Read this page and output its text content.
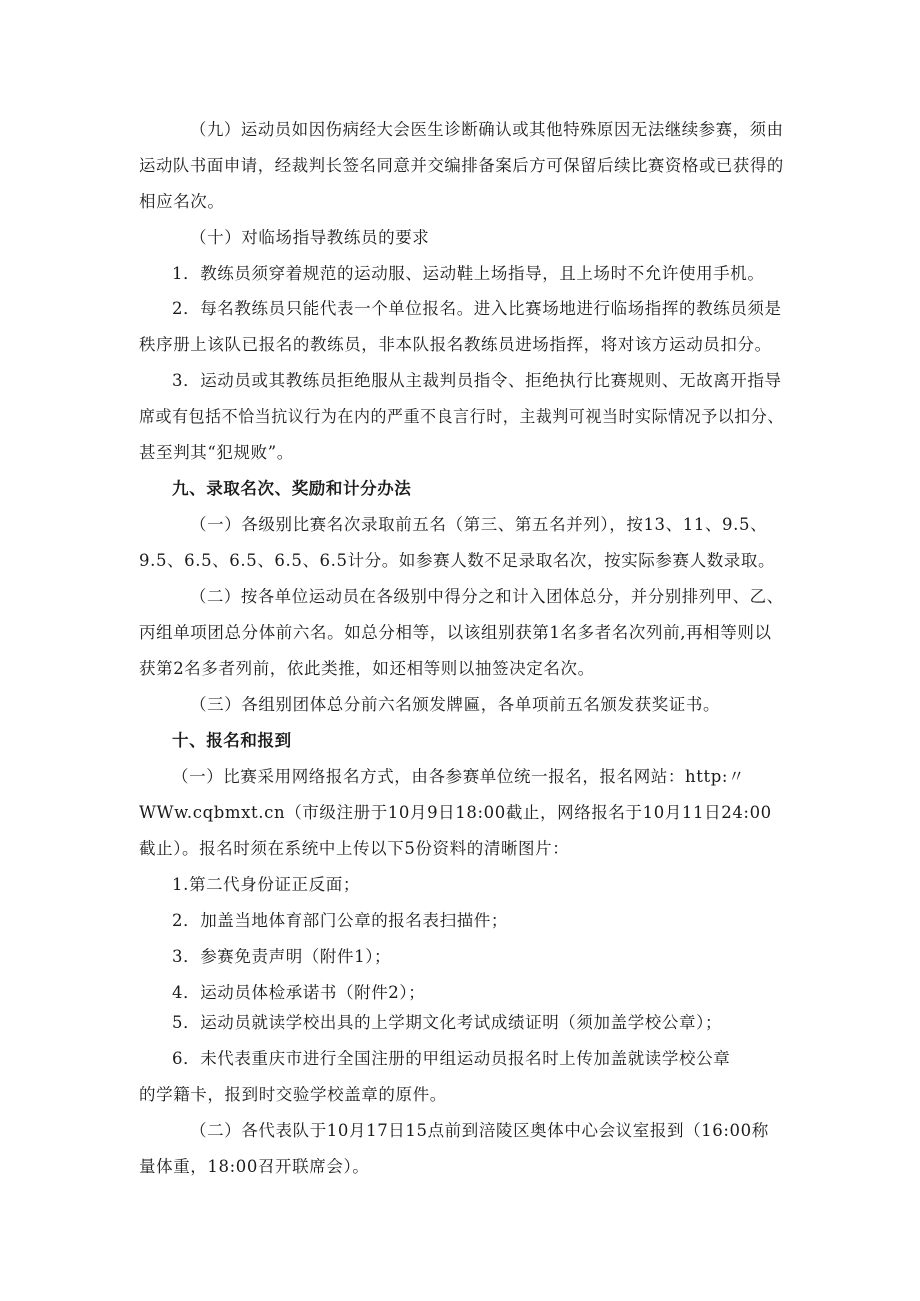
（九）运动员如因伤病经大会医生诊断确认或其他特殊原因无法继续参赛，须由
运动队书面申请，经裁判长签名同意并交编排备案后方可保留后续比赛资格或已获得的
相应名次。
（十）对临场指导教练员的要求
1．教练员须穿着规范的运动服、运动鞋上场指导，且上场时不允许使用手机。
2．每名教练员只能代表一个单位报名。进入比赛场地进行临场指挥的教练员须是
秩序册上该队已报名的教练员，非本队报名教练员进场指挥，将对该方运动员扣分。
3．运动员或其教练员拒绝服从主裁判员指令、拒绝执行比赛规则、无故离开指导
席或有包括不恰当抗议行为在内的严重不良言行时，主裁判可视当时实际情况予以扣分、
甚至判其“犯规败”。
九、录取名次、奖励和计分办法
（一）各级别比赛名次录取前五名（第三、第五名并列），按13、11、9.5、
9.5、6.5、6.5、6.5、6.5计分。如参赛人数不足录取名次，按实际参赛人数录取。
（二）按各单位运动员在各级别中得分之和计入团体总分，并分别排列甲、乙、
丙组单项团总分体前六名。如总分相等，以该组别获第1名多者名次列前,再相等则以
获第2名多者列前，依此类推，如还相等则以抽签决定名次。
（三）各组别团体总分前六名颁发牌匾，各单项前五名颁发获奖证书。
十、报名和报到
（一）比赛采用网络报名方式，由各参赛单位统一报名，报名网站：http:〃
WWw.cqbmxt.cn（市级注册于10月9日18:00截止，网络报名于10月11日24:00
截止）。报名时须在系统中上传以下5份资料的清晰图片：
1.第二代身份证正反面；
2．加盖当地体育部门公章的报名表扫描件；
3．参赛免责声明（附件1）；
4．运动员体检承诺书（附件2）；
5．运动员就读学校出具的上学期文化考试成绩证明（须加盖学校公章）；
6．未代表重庆市进行全国注册的甲组运动员报名时上传加盖就读学校公章
的学籍卡，报到时交验学校盖章的原件。
（二）各代表队于10月17日15点前到涪陵区奥体中心会议室报到（16:00称
量体重，18:00召开联席会）。
